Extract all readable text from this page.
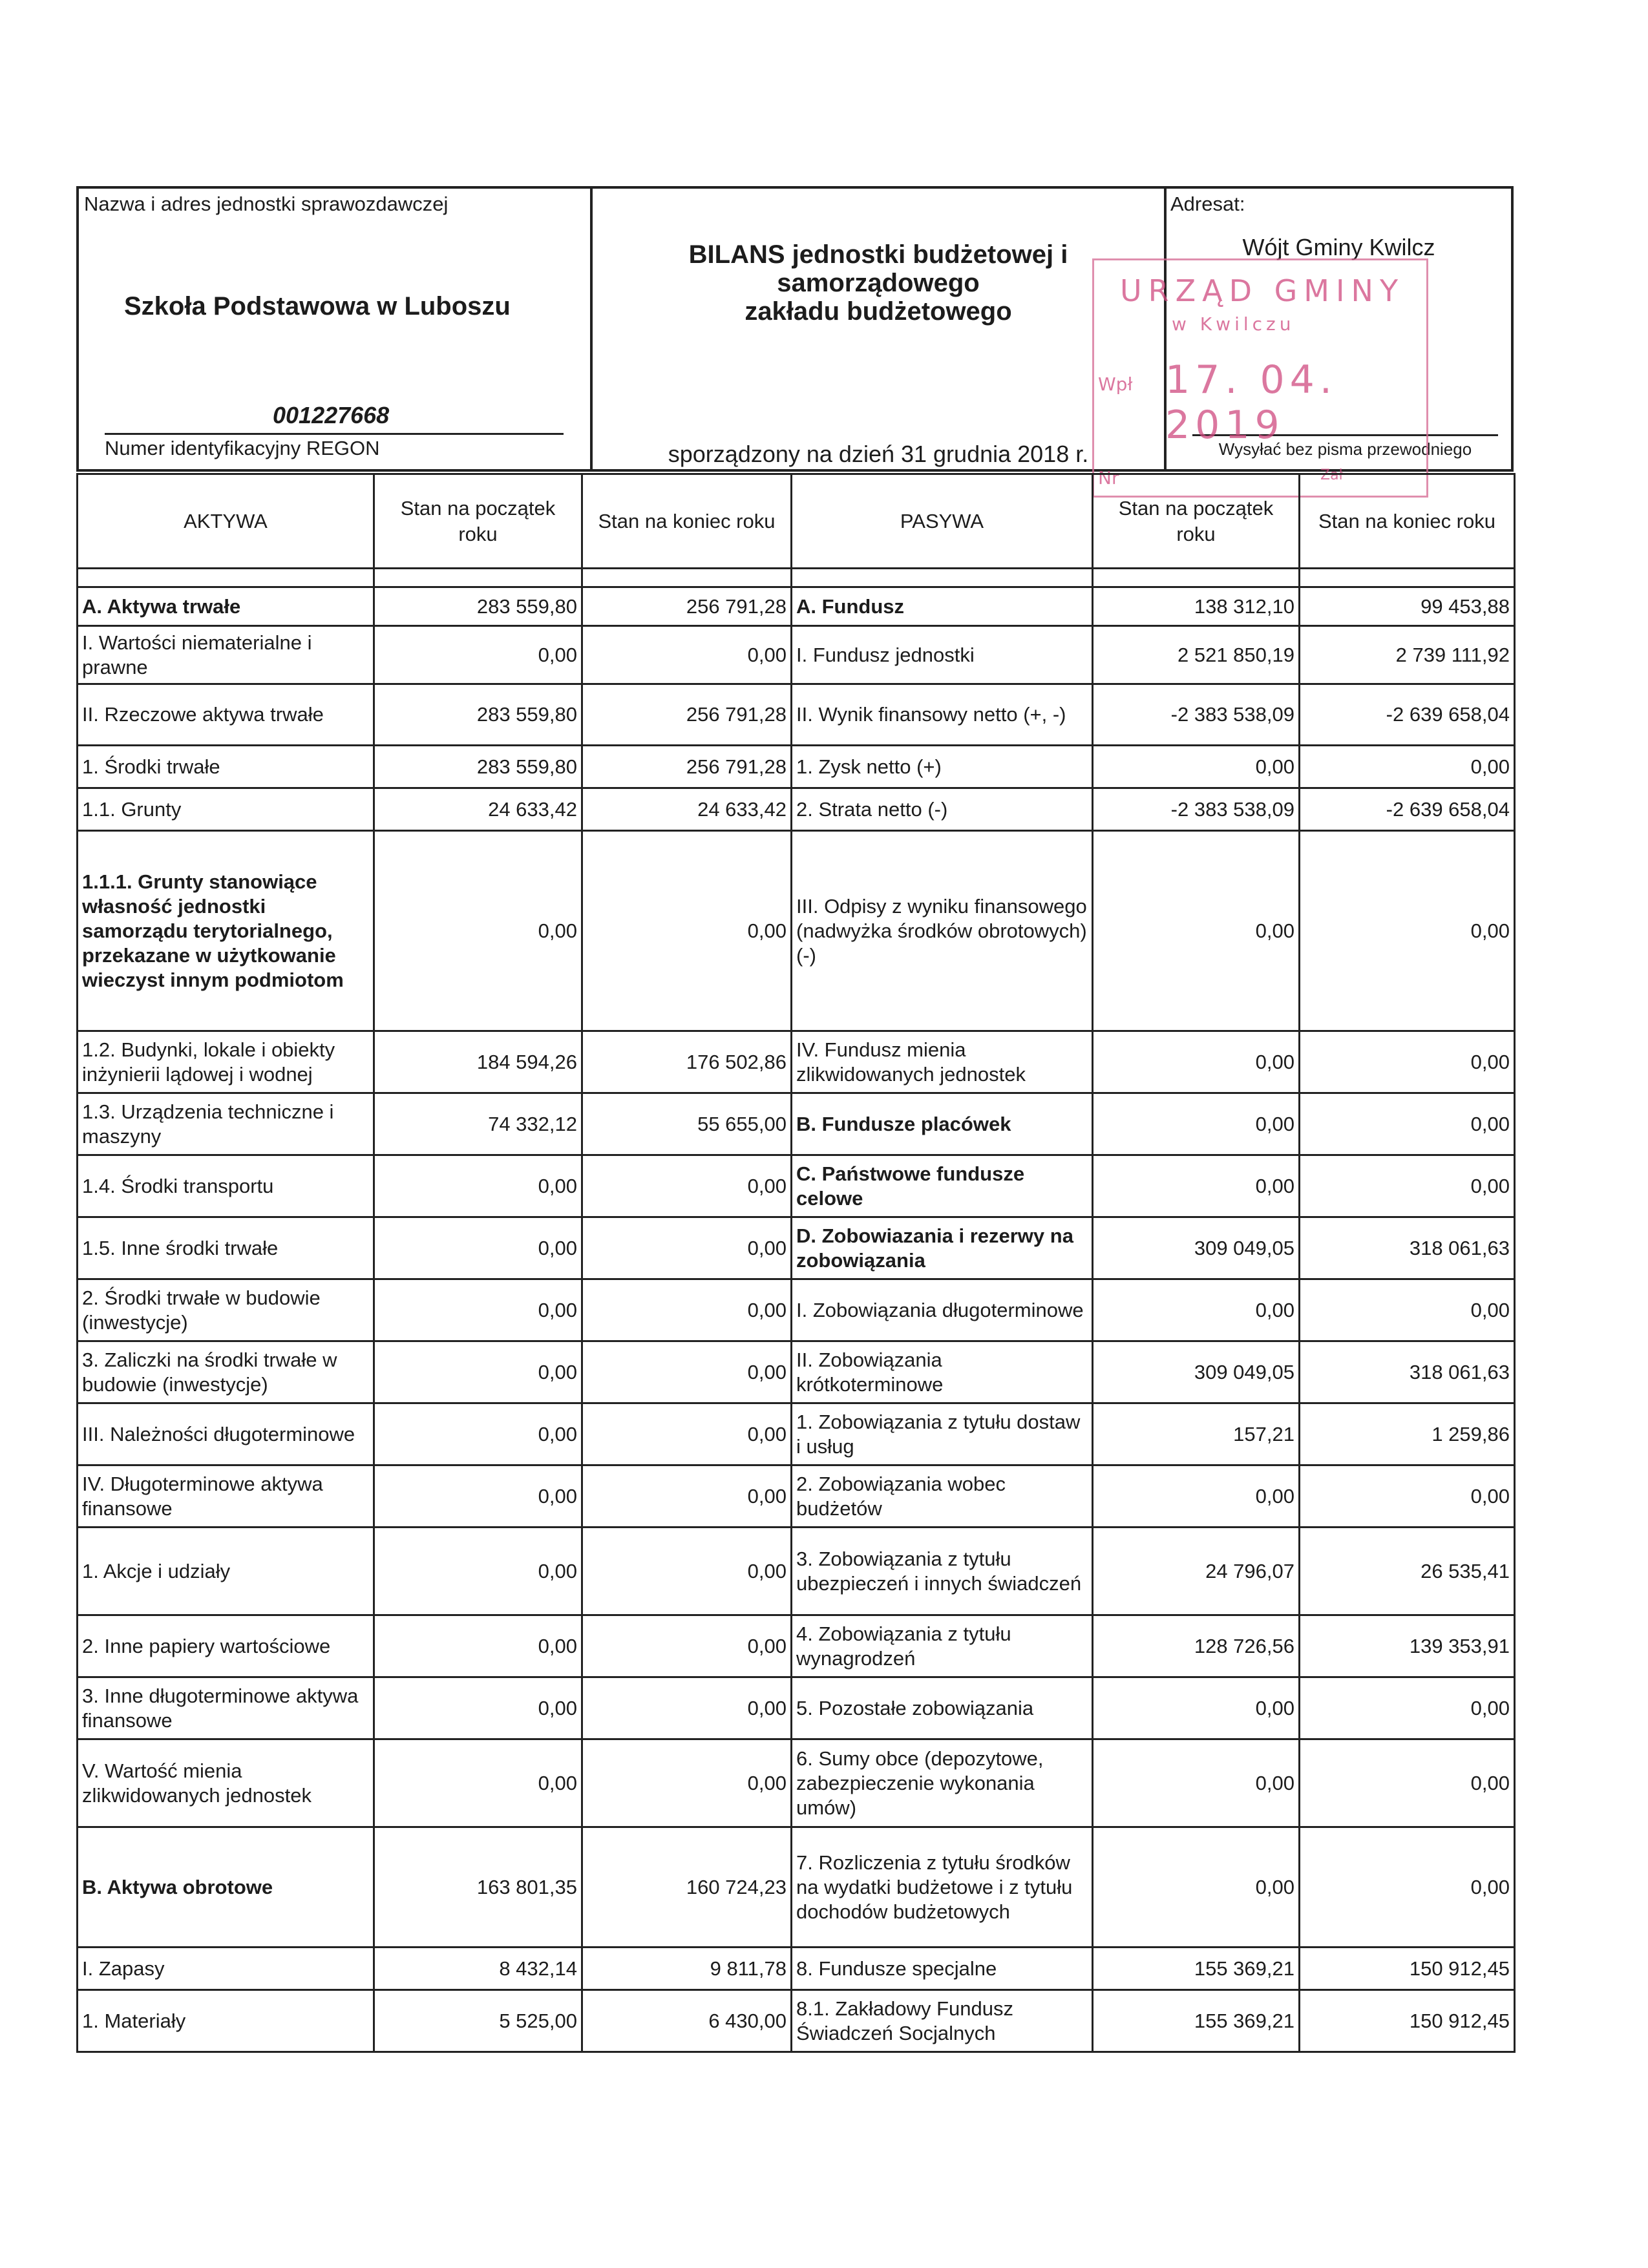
Nazwa i adres jednostki sprawozdawczej
Szkoła Podstawowa w Luboszu
001227668
Numer identyfikacyjny REGON
BILANS jednostki budżetowej i
samorządowego
zakładu budżetowego
sporządzony na dzień 31 grudnia 2018 r.
Adresat:
Wójt Gminy Kwilcz
Wysyłać bez pisma przewodniego
URZĄD GMINY
w Kwilczu
Wpł 17. 04. 2019
Nr	Zał
AKTYWA	Stan na początek roku	Stan na koniec roku	PASYWA	Stan na początek roku	Stan na koniec roku

A. Aktywa trwałe	283 559,80	256 791,28	A. Fundusz	138 312,10	99 453,88
I. Wartości niematerialne i prawne	0,00	0,00	I. Fundusz jednostki	2 521 850,19	2 739 111,92
II. Rzeczowe aktywa trwałe	283 559,80	256 791,28	II. Wynik finansowy netto (+, -)	-2 383 538,09	-2 639 658,04
1. Środki trwałe	283 559,80	256 791,28	1. Zysk netto (+)	0,00	0,00
1.1. Grunty	24 633,42	24 633,42	2. Strata netto (-)	-2 383 538,09	-2 639 658,04
1.1.1. Grunty stanowiące własność jednostki samorządu terytorialnego, przekazane w użytkowanie wieczyst innym podmiotom	0,00	0,00	III. Odpisy z wyniku finansowego (nadwyżka środków obrotowych) (-)	0,00	0,00
1.2. Budynki, lokale i obiekty inżynierii lądowej i wodnej	184 594,26	176 502,86	IV. Fundusz mienia zlikwidowanych jednostek	0,00	0,00
1.3. Urządzenia techniczne i maszyny	74 332,12	55 655,00	B. Fundusze placówek	0,00	0,00
1.4. Środki transportu	0,00	0,00	C. Państwowe fundusze celowe	0,00	0,00
1.5. Inne środki trwałe	0,00	0,00	D. Zobowiazania i rezerwy na zobowiązania	309 049,05	318 061,63
2. Środki trwałe w budowie (inwestycje)	0,00	0,00	I. Zobowiązania długoterminowe	0,00	0,00
3. Zaliczki na środki trwałe w budowie (inwestycje)	0,00	0,00	II. Zobowiązania krótkoterminowe	309 049,05	318 061,63
III. Należności długoterminowe	0,00	0,00	1. Zobowiązania z tytułu dostaw i usług	157,21	1 259,86
IV. Długoterminowe aktywa finansowe	0,00	0,00	2. Zobowiązania wobec budżetów	0,00	0,00
1. Akcje i udziały	0,00	0,00	3. Zobowiązania z tytułu ubezpieczeń i innych świadczeń	24 796,07	26 535,41
2. Inne papiery wartościowe	0,00	0,00	4. Zobowiązania z tytułu wynagrodzeń	128 726,56	139 353,91
3. Inne długoterminowe aktywa finansowe	0,00	0,00	5. Pozostałe zobowiązania	0,00	0,00
V. Wartość mienia zlikwidowanych jednostek	0,00	0,00	6. Sumy obce (depozytowe, zabezpieczenie wykonania umów)	0,00	0,00
B. Aktywa obrotowe	163 801,35	160 724,23	7. Rozliczenia z tytułu środków na wydatki budżetowe i z tytułu dochodów budżetowych	0,00	0,00
I. Zapasy	8 432,14	9 811,78	8. Fundusze specjalne	155 369,21	150 912,45
1. Materiały	5 525,00	6 430,00	8.1. Zakładowy Fundusz Świadczeń Socjalnych	155 369,21	150 912,45
